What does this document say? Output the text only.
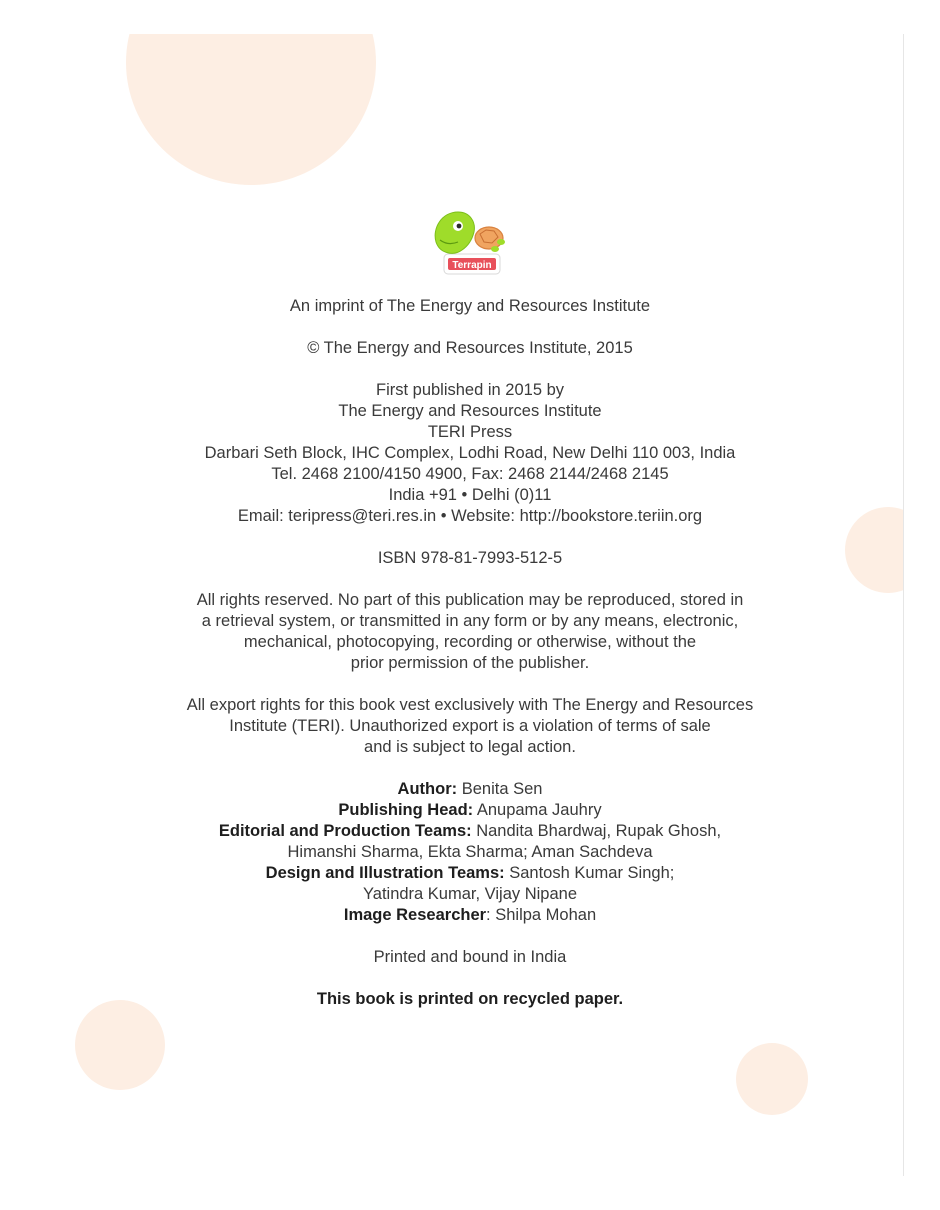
Terrapin
An imprint of The Energy and Resources Institute
© The Energy and Resources Institute, 2015
First published in 2015 by
The Energy and Resources Institute
TERI Press
Darbari Seth Block, IHC Complex, Lodhi Road, New Delhi 110 003, India
Tel. 2468 2100/4150 4900, Fax: 2468 2144/2468 2145
India +91 • Delhi (0)11
Email: teripress@teri.res.in • Website: http://bookstore.teriin.org
ISBN 978-81-7993-512-5
All rights reserved. No part of this publication may be reproduced, stored in
a retrieval system, or transmitted in any form or by any means, electronic,
mechanical, photocopying, recording or otherwise, without the
prior permission of the publisher.
All export rights for this book vest exclusively with The Energy and Resources
Institute (TERI). Unauthorized export is a violation of terms of sale
and is subject to legal action.
Author: Benita Sen
Publishing Head: Anupama Jauhry
Editorial and Production Teams: Nandita Bhardwaj, Rupak Ghosh,
Himanshi Sharma, Ekta Sharma; Aman Sachdeva
Design and Illustration Teams: Santosh Kumar Singh;
Yatindra Kumar, Vijay Nipane
Image Researcher: Shilpa Mohan
Printed and bound in India
This book is printed on recycled paper.
